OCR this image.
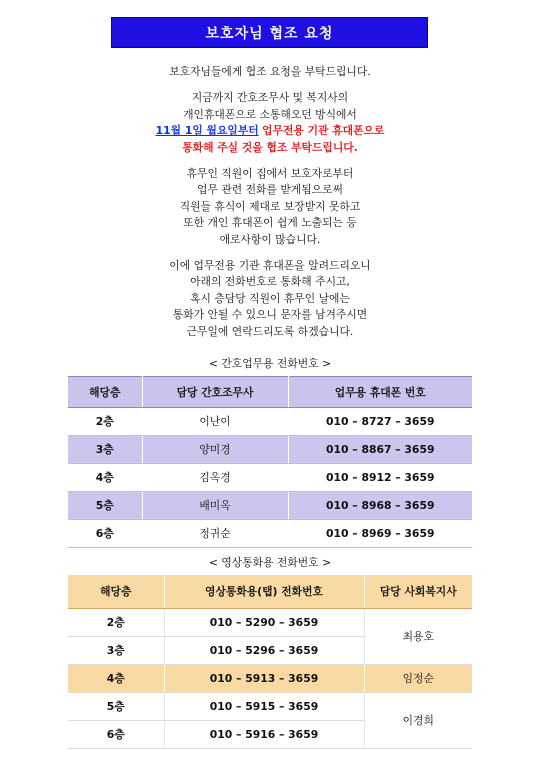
보호자님 협조 요청

보호자님들에게 협조 요청을 부탁드립니다.

지금까지 간호조무사 및 복지사의
개인휴대폰으로 소통해오던 방식에서
11월 1일 월요일부터 업무전용 기관 휴대폰으로
통화해 주실 것을 협조 부탁드립니다.

휴무인 직원이 집에서 보호자로부터
업무 관련 전화를 받게됨으로써
직원들 휴식이 제대로 보장받지 못하고
또한 개인 휴대폰이 쉽게 노출되는 등
애로사항이 많습니다.

이에 업무전용 기관 휴대폰을 알려드리오니
아래의 전화번호로 통화해 주시고,
혹시 층담당 직원이 휴무인 날에는
통화가 안될 수 있으니 문자를 남겨주시면
근무일에 연락드리도록 하겠습니다.

< 간호업무용 전화번호 >
해당층	담당 간호조무사	업무용 휴대폰 번호
2층	이난이	010 – 8727 – 3659
3층	양미경	010 – 8867 – 3659
4층	김옥경	010 – 8912 – 3659
5층	배미옥	010 – 8968 – 3659
6층	정귀순	010 – 8969 – 3659
< 영상통화용 전화번호 >
해당층	영상통화용(탭) 전화번호	담당 사회복지사
2층	010 – 5290 – 3659	최용호
3층	010 – 5296 – 3659	
4층	010 – 5913 – 3659	임정순
5층	010 – 5915 – 3659	이경희
6층	010 – 5916 – 3659	
